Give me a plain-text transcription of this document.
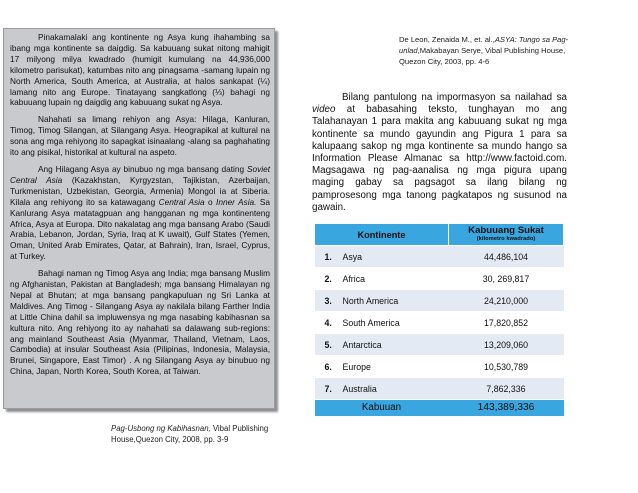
Pinakamalaki ang kontinente ng Asya kung ihahambing sa ibang mga kontinente sa daigdig. Sa kabuuang sukat nitong mahigit 17 milyong milya kwadrado (humigit kumulang na 44,936,000 kilometro parisukat), katumbas nito ang pinagsama -samang lupain ng North America, South America, at Australia, at halos sankapat (¼) lamang nito ang Europe. Tinatayang sangkatlong (⅓) bahagi ng kabuuang lupain ng daigdig ang kabuuang sukat ng Asya.

Nahahati sa limang rehiyon ang Asya: Hilaga, Kanluran, Timog, Timog Silangan, at Silangang Asya. Heograpikal at kultural na sona ang mga rehiyong ito sapagkat isinaalang -alang sa paghahating ito ang pisikal, historikal at kultural na aspeto.

Ang Hilagang Asya ay binubuo ng mga bansang dating Soviet Central Asia (Kazakhstan, Kyrgyzstan, Tajikistan, Azerbaijan, Turkmenistan, Uzbekistan, Georgia, Armenia) Mongol ia at Siberia. Kilala ang rehiyong ito sa katawagang Central Asia o Inner Asia. Sa Kanlurang Asya matatagpuan ang hangganan ng mga kontinenteng Africa, Asya at Europa. Dito nakalatag ang mga bansang Arabo (Saudi Arabia, Lebanon, Jordan, Syria, Iraq at K uwait), Gulf States (Yemen, Oman, United Arab Emirates, Qatar, at Bahrain), Iran, Israel, Cyprus, at Turkey.

Bahagi naman ng Timog Asya ang India; mga bansang Muslim ng Afghanistan, Pakistan at Bangladesh; mga bansang Himalayan ng Nepal at Bhutan; at mga bansang pangkapuluan ng Sri Lanka at Maldives. Ang Timog - Silangang Asya ay nakilala bilang Farther India at Little China dahil sa impluwensya ng mga nasabing kabihasnan sa kultura nito. Ang rehiyong ito ay nahahati sa dalawang sub-regions: ang mainland Southeast Asia (Myanmar, Thailand, Vietnam, Laos, Cambodia) at insular Southeast Asia (Pilipinas, Indonesia, Malaysia, Brunei, Singapore, East Timor) . A ng Silangang Asya ay binubuo ng China, Japan, North Korea, South Korea, at Taiwan.

Pag-Usbong ng Kabihasnan, Vibal Publishing House,Quezon City, 2008, pp. 3-9
De Leon, Zenaida M., et. al.,ASYA: Tungo sa Pag-unlad,Makabayan Serye, Vibal Publishing House, Quezon City, 2003, pp. 4-6

Bilang pantulong na impormasyon sa nailahad sa video at babasahing teksto, tunghayan mo ang Talahanayan 1 para makita ang kabuuang sukat ng mga kontinente sa mundo gayundin ang Pigura 1 para sa kalupaang sakop ng mga kontinente sa mundo hango sa Information Please Almanac sa http://www.factoid.com. Magsagawa ng pag-aanalisa ng mga pigura upang maging gabay sa pagsagot sa ilang bilang ng pamprosesong mga tanong pagkatapos ng susunod na gawain.

Kontinente	Kabuuang Sukat
(kilometro kwadrado)

1. Asya	44,486,104
2. Africa	30, 269,817
3. North America	24,210,000
4. South America	17,820,852
5. Antarctica	13,209,060
6. Europe	10,530,789
7. Australia	7,862,336
Kabuuan	143,389,336
